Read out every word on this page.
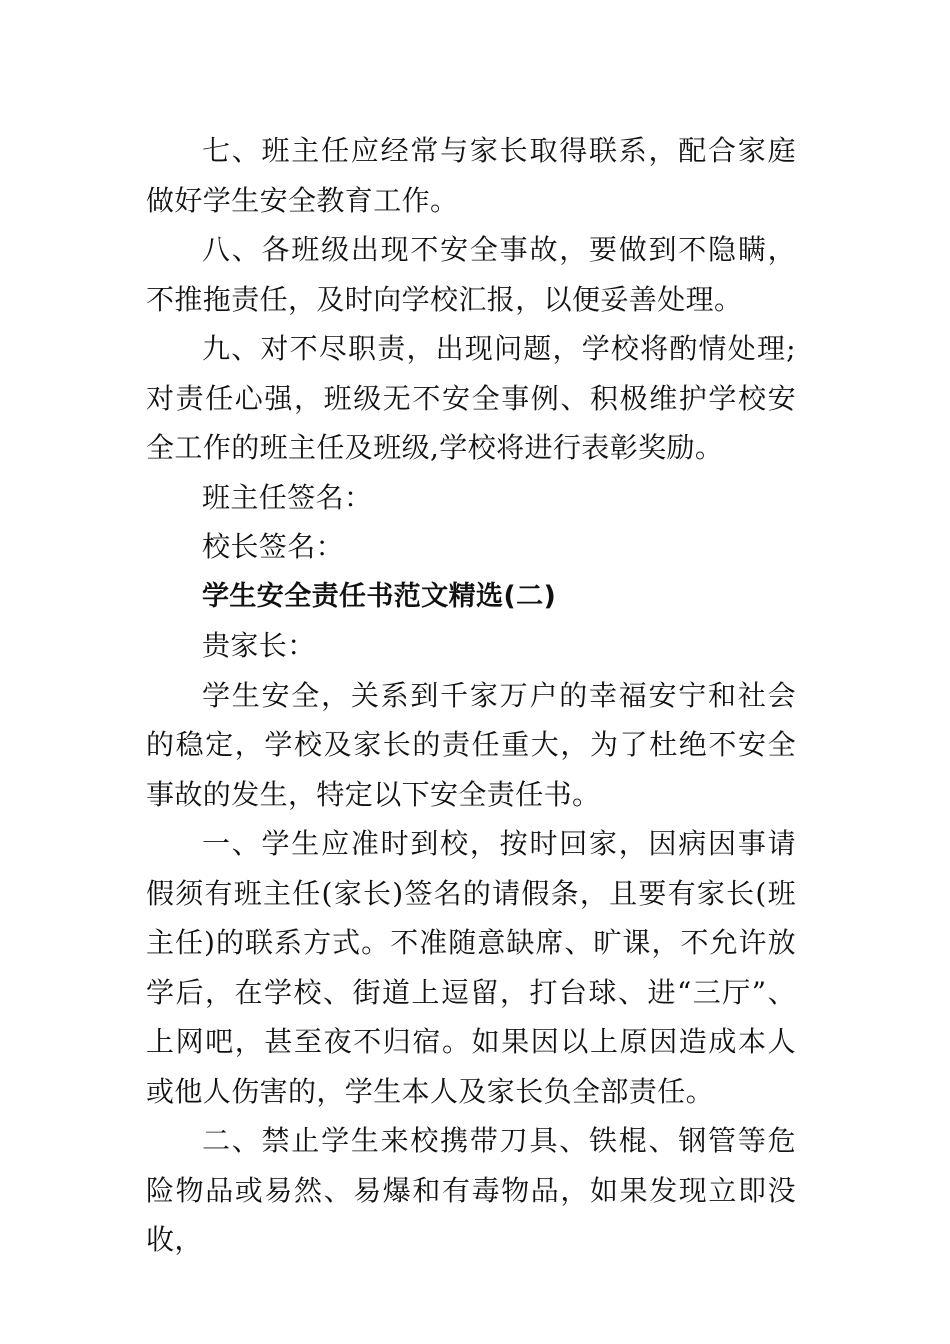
七、班主任应经常与家长取得联系，配合家庭做好学生安全教育工作。

八、各班级出现不安全事故，要做到不隐瞒，不推拖责任，及时向学校汇报，以便妥善处理。

九、对不尽职责，出现问题，学校将酌情处理;对责任心强，班级无不安全事例、积极维护学校安全工作的班主任及班级,学校将进行表彰奖励。

班主任签名：

校长签名：

学生安全责任书范文精选(二)

贵家长：

学生安全，关系到千家万户的幸福安宁和社会的稳定，学校及家长的责任重大，为了杜绝不安全事故的发生，特定以下安全责任书。

一、学生应准时到校，按时回家，因病因事请假须有班主任(家长)签名的请假条，且要有家长(班主任)的联系方式。不准随意缺席、旷课，不允许放学后，在学校、街道上逗留，打台球、进“三厅”、上网吧，甚至夜不归宿。如果因以上原因造成本人或他人伤害的，学生本人及家长负全部责任。

二、禁止学生来校携带刀具、铁棍、钢管等危险物品或易然、易爆和有毒物品，如果发现立即没收，
